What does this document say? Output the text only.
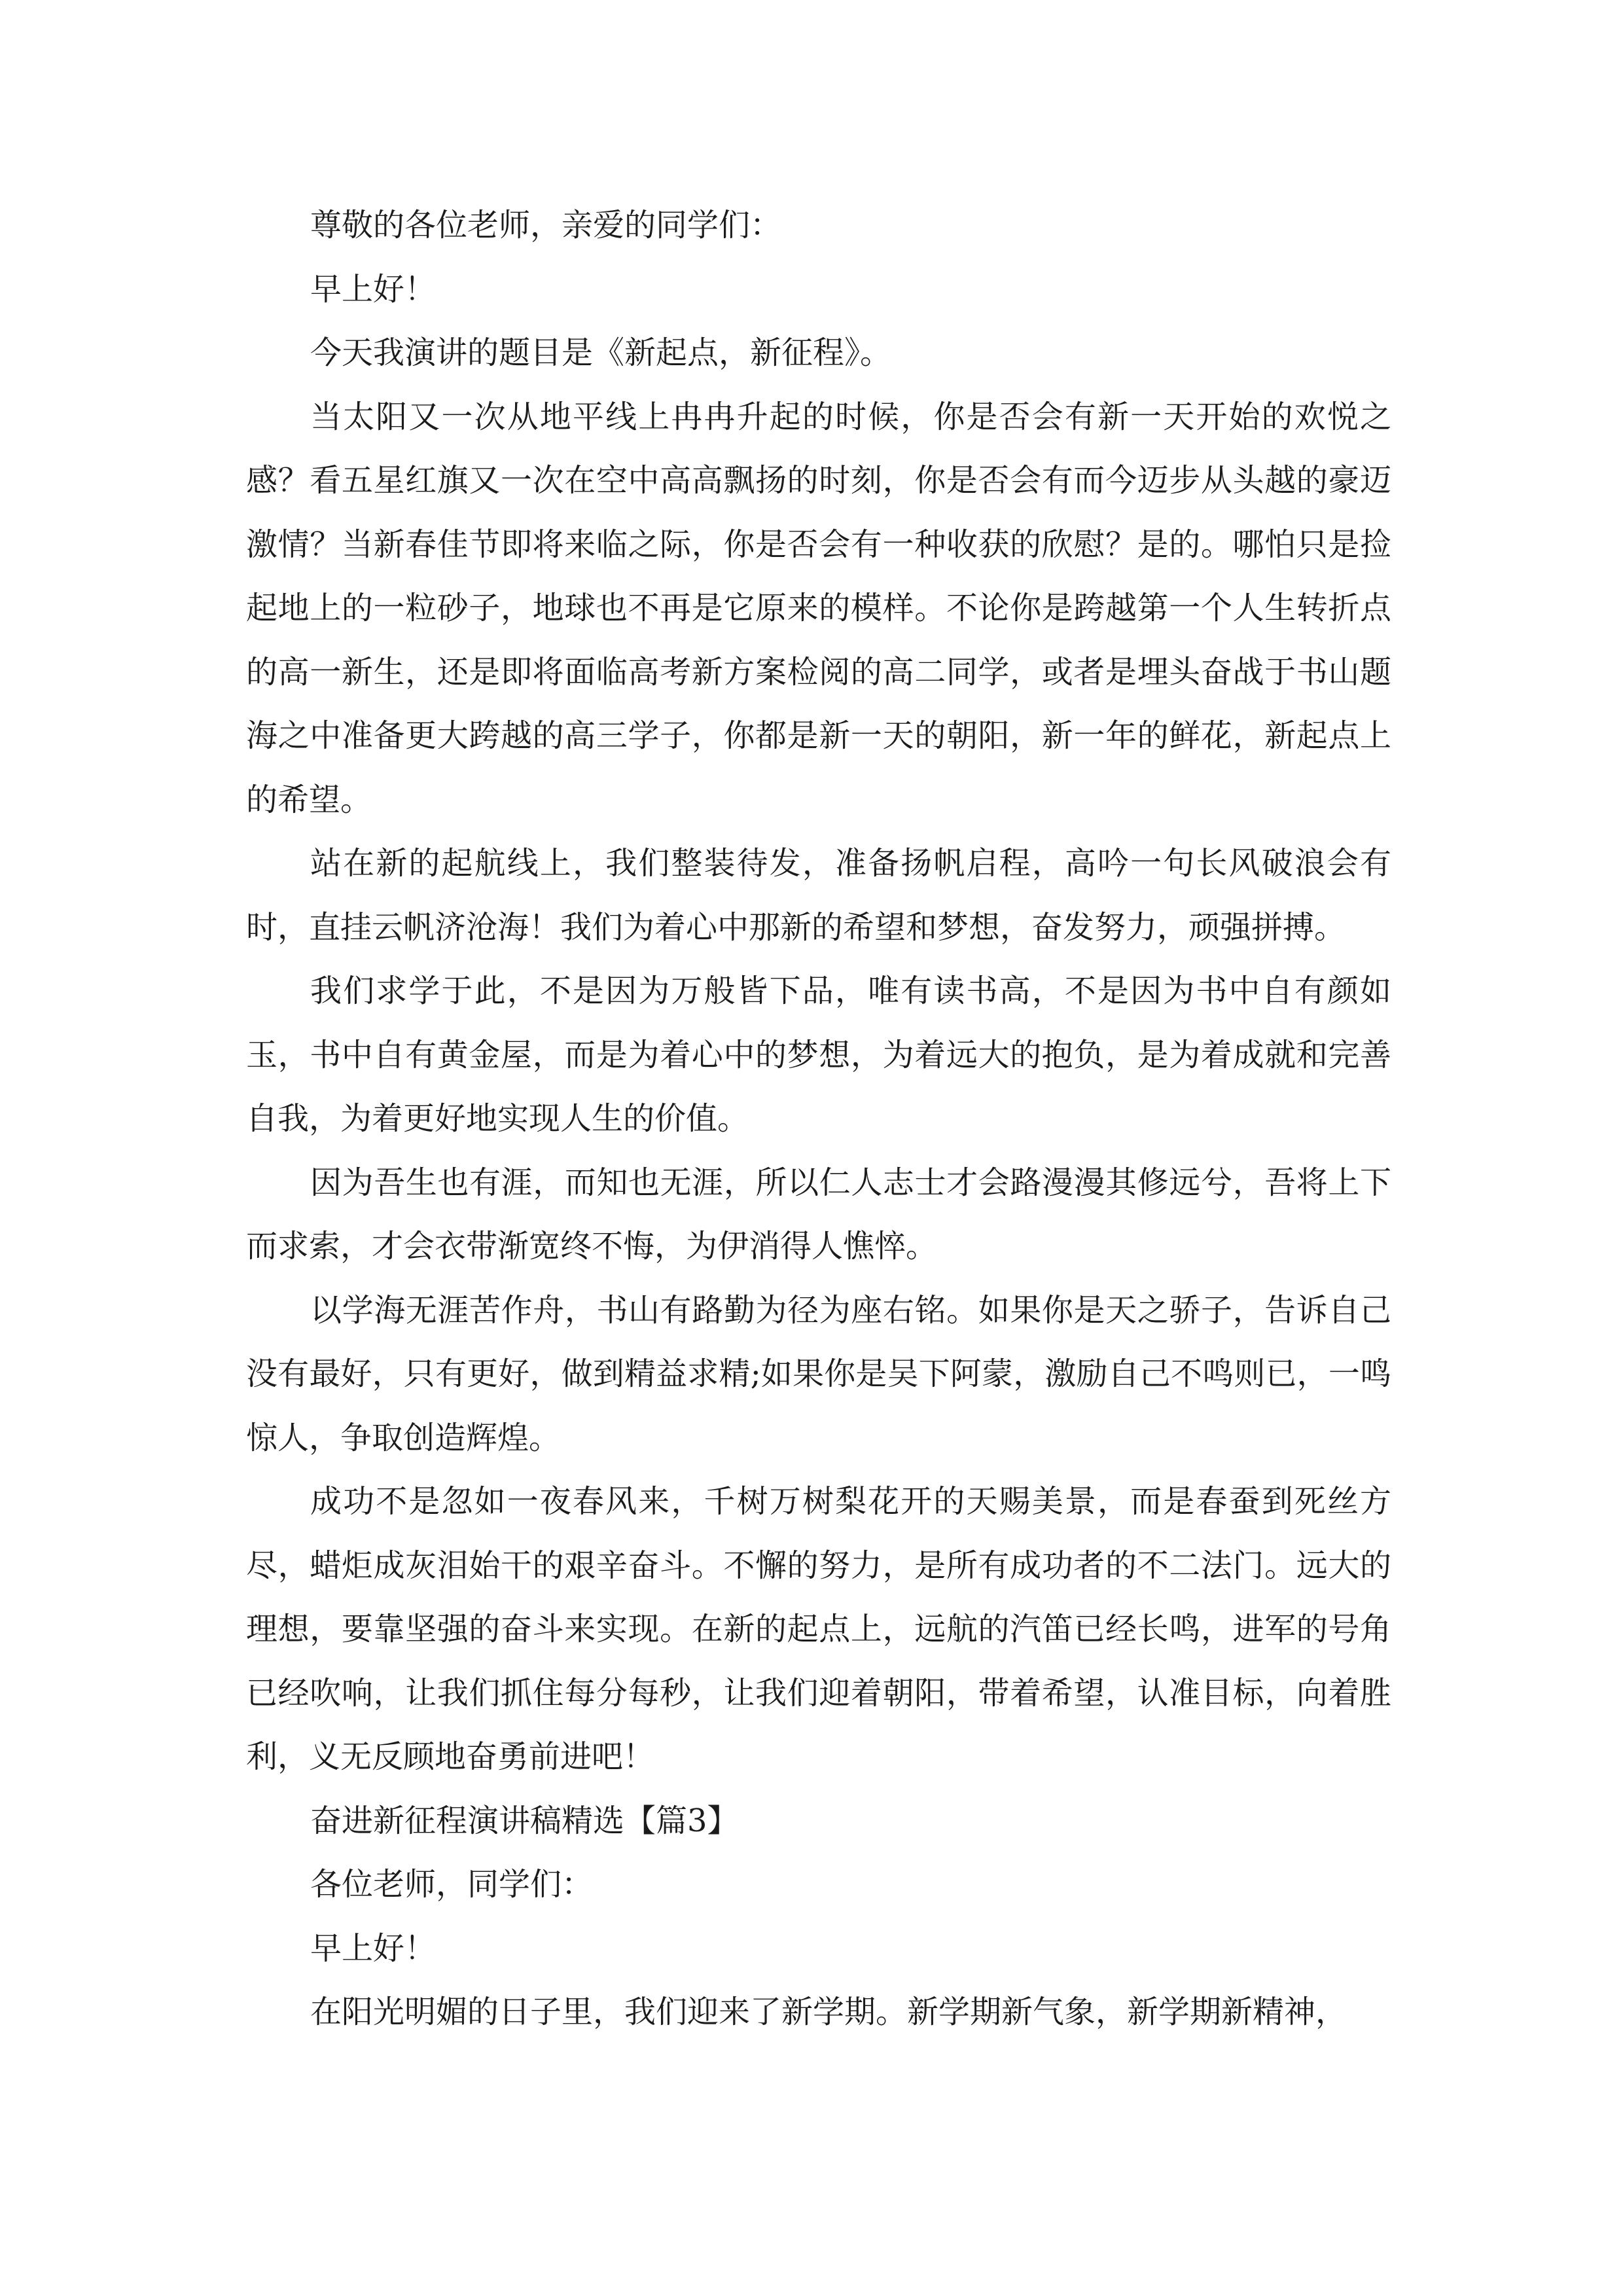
尊敬的各位老师，亲爱的同学们：

早上好！

今天我演讲的题目是《新起点，新征程》。

当太阳又一次从地平线上冉冉升起的时候，你是否会有新一天开始的欢悦之感？看五星红旗又一次在空中高高飘扬的时刻，你是否会有而今迈步从头越的豪迈激情？当新春佳节即将来临之际，你是否会有一种收获的欣慰？是的。哪怕只是捡起地上的一粒砂子，地球也不再是它原来的模样。不论你是跨越第一个人生转折点的高一新生，还是即将面临高考新方案检阅的高二同学，或者是埋头奋战于书山题海之中准备更大跨越的高三学子，你都是新一天的朝阳，新一年的鲜花，新起点上的希望。

站在新的起航线上，我们整装待发，准备扬帆启程，高吟一句长风破浪会有时，直挂云帆济沧海！我们为着心中那新的希望和梦想，奋发努力，顽强拼搏。

我们求学于此，不是因为万般皆下品，唯有读书高，不是因为书中自有颜如玉，书中自有黄金屋，而是为着心中的梦想，为着远大的抱负，是为着成就和完善自我，为着更好地实现人生的价值。

因为吾生也有涯，而知也无涯，所以仁人志士才会路漫漫其修远兮，吾将上下而求索，才会衣带渐宽终不悔，为伊消得人憔悴。

以学海无涯苦作舟，书山有路勤为径为座右铭。如果你是天之骄子，告诉自己没有最好，只有更好，做到精益求精;如果你是吴下阿蒙，激励自己不鸣则已，一鸣惊人，争取创造辉煌。

成功不是忽如一夜春风来，千树万树梨花开的天赐美景，而是春蚕到死丝方尽，蜡炬成灰泪始干的艰辛奋斗。不懈的努力，是所有成功者的不二法门。远大的理想，要靠坚强的奋斗来实现。在新的起点上，远航的汽笛已经长鸣，进军的号角已经吹响，让我们抓住每分每秒，让我们迎着朝阳，带着希望，认准目标，向着胜利，义无反顾地奋勇前进吧！

奋进新征程演讲稿精选【篇3】

各位老师，同学们：

早上好！

在阳光明媚的日子里，我们迎来了新学期。新学期新气象，新学期新精神，
